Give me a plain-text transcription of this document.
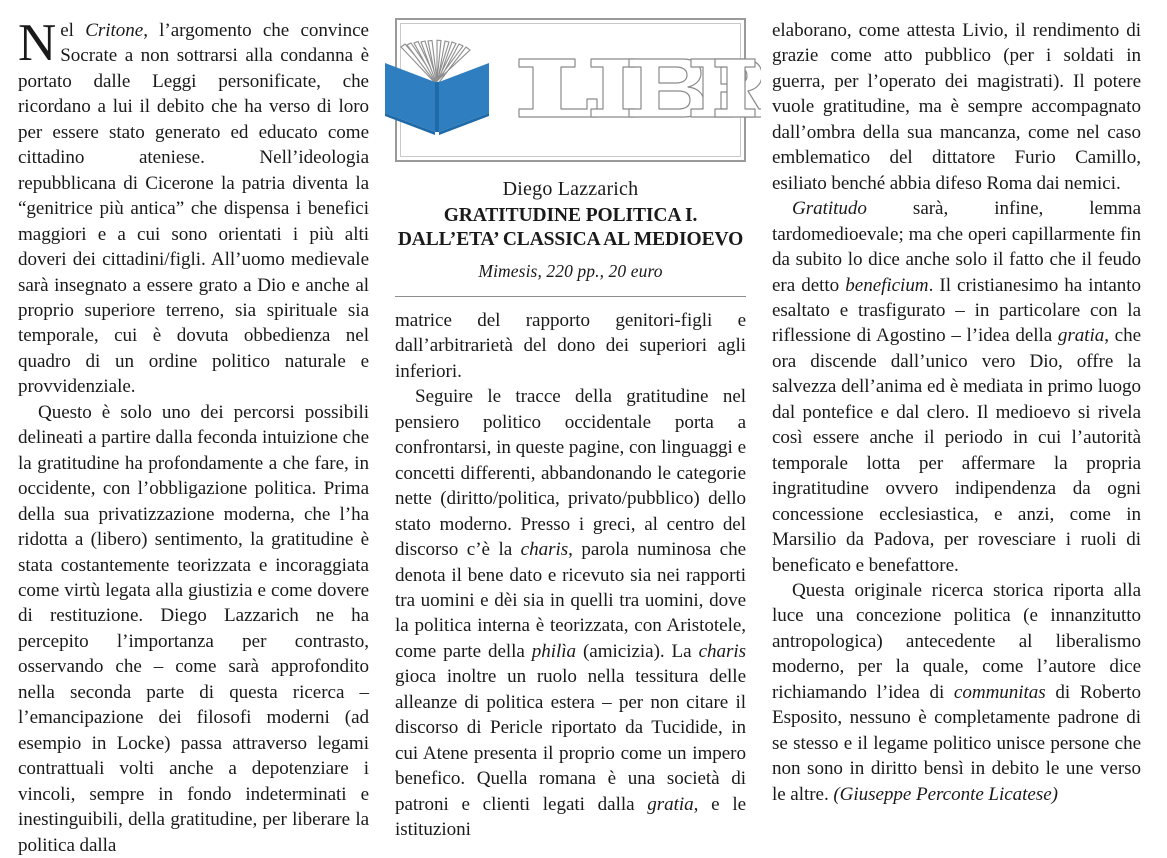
Nel Critone, l’argomento che convince Socrate a non sottrarsi alla condanna è portato dalle Leggi personificate, che ricordano a lui il debito che ha verso di loro per essere stato generato ed educato come cittadino ateniese. Nell’ideologia repubblicana di Cicerone la patria diventa la “genitrice più antica” che dispensa i benefici maggiori e a cui sono orientati i più alti doveri dei cittadini/figli. All’uomo medievale sarà insegnato a essere grato a Dio e anche al proprio superiore terreno, sia spirituale sia temporale, cui è dovuta obbedienza nel quadro di un ordine politico naturale e provvidenziale.

Questo è solo uno dei percorsi possibili delineati a partire dalla feconda intuizione che la gratitudine ha profondamente a che fare, in occidente, con l’obbligazione politica. Prima della sua privatizzazione moderna, che l’ha ridotta a (libero) sentimento, la gratitudine è stata costantemente teorizzata e incoraggiata come virtù legata alla giustizia e come dovere di restituzione. Diego Lazzarich ne ha percepito l’importanza per contrasto, osservando che – come sarà approfondito nella seconda parte di questa ricerca – l’emancipazione dei filosofi moderni (ad esempio in Locke) passa attraverso legami contrattuali volti anche a depotenziare i vincoli, sempre in fondo indeterminati e inestinguibili, della gratitudine, per liberare la politica dalla

Diego Lazzarich
GRATITUDINE POLITICA I.
DALL’ETA’ CLASSICA AL MEDIOEVO
Mimesis, 220 pp., 20 euro

matrice del rapporto genitori-figli e dall’arbitrarietà del dono dei superiori agli inferiori.

Seguire le tracce della gratitudine nel pensiero politico occidentale porta a confrontarsi, in queste pagine, con linguaggi e concetti differenti, abbandonando le categorie nette (diritto/politica, privato/pubblico) dello stato moderno. Presso i greci, al centro del discorso c’è la charis, parola numinosa che denota il bene dato e ricevuto sia nei rapporti tra uomini e dèi sia in quelli tra uomini, dove la politica interna è teorizzata, con Aristotele, come parte della philìa (amicizia). La charis gioca inoltre un ruolo nella tessitura delle alleanze di politica estera – per non citare il discorso di Pericle riportato da Tucidide, in cui Atene presenta il proprio come un impero benefico. Quella romana è una società di patroni e clienti legati dalla gratia, e le istituzioni

elaborano, come attesta Livio, il rendimento di grazie come atto pubblico (per i soldati in guerra, per l’operato dei magistrati). Il potere vuole gratitudine, ma è sempre accompagnato dall’ombra della sua mancanza, come nel caso emblematico del dittatore Furio Camillo, esiliato benché abbia difeso Roma dai nemici.

Gratitudo sarà, infine, lemma tardomedioevale; ma che operi capillarmente fin da subito lo dice anche solo il fatto che il feudo era detto beneficium. Il cristianesimo ha intanto esaltato e trasfigurato – in particolare con la riflessione di Agostino – l’idea della gratia, che ora discende dall’unico vero Dio, offre la salvezza dell’anima ed è mediata in primo luogo dal pontefice e dal clero. Il medioevo si rivela così essere anche il periodo in cui l’autorità temporale lotta per affermare la propria ingratitudine ovvero indipendenza da ogni concessione ecclesiastica, e anzi, come in Marsilio da Padova, per rovesciare i ruoli di beneficato e benefattore.

Questa originale ricerca storica riporta alla luce una concezione politica (e innanzitutto antropologica) antecedente al liberalismo moderno, per la quale, come l’autore dice richiamando l’idea di communitas di Roberto Esposito, nessuno è completamente padrone di se stesso e il legame politico unisce persone che non sono in diritto bensì in debito le une verso le altre. (Giuseppe Perconte Licatese)
